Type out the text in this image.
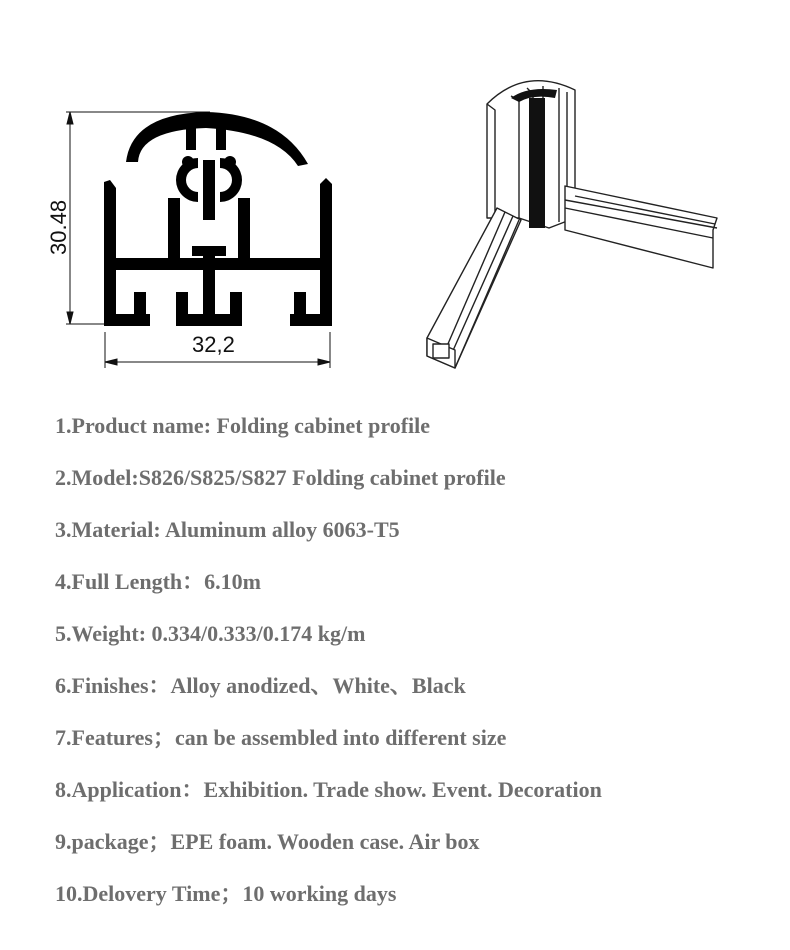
30.48
32,2
1.Product name: Folding cabinet profile
2.Model:S826/S825/S827 Folding cabinet profile
3.Material: Aluminum alloy 6063-T5
4.Full Length：6.10m
5.Weight: 0.334/0.333/0.174 kg/m
6.Finishes：Alloy anodized、White、Black
7.Features；can be assembled into different size
8.Application：Exhibition. Trade show. Event. Decoration
9.package；EPE foam. Wooden case. Air box
10.Delovery Time；10 working days
